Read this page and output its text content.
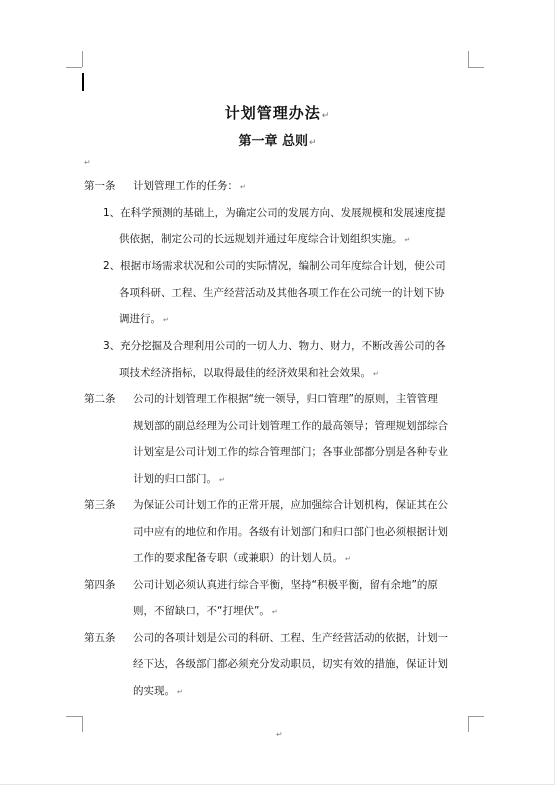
计划管理办法↵
第一章 总则↵
↵
第一条 计划管理工作的任务： ↵
1、在科学预测的基础上，为确定公司的发展方向、发展规模和发展速度提
供依据，制定公司的长远规划并通过年度综合计划组织实施。 ↵
2、根据市场需求状况和公司的实际情况，编制公司年度综合计划，使公司
各项科研、工程、生产经营活动及其他各项工作在公司统一的计划下协
调进行。 ↵
3、充分挖掘及合理利用公司的一切人力、物力、财力，不断改善公司的各
项技术经济指标，以取得最佳的经济效果和社会效果。 ↵
第二条 公司的计划管理工作根据“统一领导，归口管理”的原则，主管管理
规划部的副总经理为公司计划管理工作的最高领导；管理规划部综合
计划室是公司计划工作的综合管理部门；各事业部都分别是各种专业
计划的归口部门。 ↵
第三条 为保证公司计划工作的正常开展，应加强综合计划机构，保证其在公
司中应有的地位和作用。各级有计划部门和归口部门也必须根据计划
工作的要求配备专职（或兼职）的计划人员。 ↵
第四条 公司计划必须认真进行综合平衡，坚持“积极平衡，留有余地”的原
则，不留缺口，不“打埋伏”。 ↵
第五条 公司的各项计划是公司的科研、工程、生产经营活动的依据，计划一
经下达，各级部门都必须充分发动职员，切实有效的措施，保证计划
的实现。 ↵
↵
